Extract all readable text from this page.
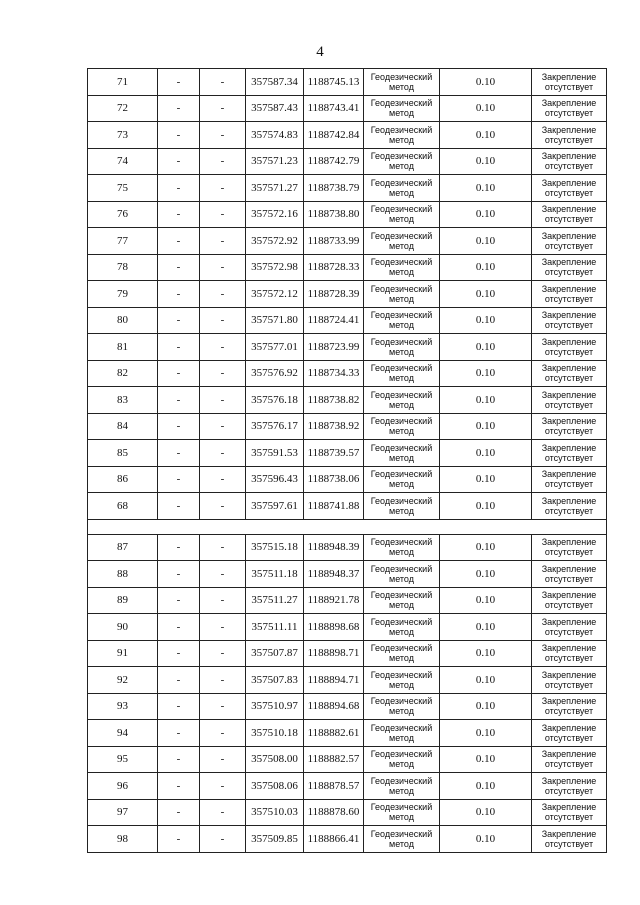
4
71	-	-	357587.34	1188745.13	Геодезический метод	0.10	Закрепление отсутствует
72	-	-	357587.43	1188743.41	Геодезический метод	0.10	Закрепление отсутствует
73	-	-	357574.83	1188742.84	Геодезический метод	0.10	Закрепление отсутствует
74	-	-	357571.23	1188742.79	Геодезический метод	0.10	Закрепление отсутствует
75	-	-	357571.27	1188738.79	Геодезический метод	0.10	Закрепление отсутствует
76	-	-	357572.16	1188738.80	Геодезический метод	0.10	Закрепление отсутствует
77	-	-	357572.92	1188733.99	Геодезический метод	0.10	Закрепление отсутствует
78	-	-	357572.98	1188728.33	Геодезический метод	0.10	Закрепление отсутствует
79	-	-	357572.12	1188728.39	Геодезический метод	0.10	Закрепление отсутствует
80	-	-	357571.80	1188724.41	Геодезический метод	0.10	Закрепление отсутствует
81	-	-	357577.01	1188723.99	Геодезический метод	0.10	Закрепление отсутствует
82	-	-	357576.92	1188734.33	Геодезический метод	0.10	Закрепление отсутствует
83	-	-	357576.18	1188738.82	Геодезический метод	0.10	Закрепление отсутствует
84	-	-	357576.17	1188738.92	Геодезический метод	0.10	Закрепление отсутствует
85	-	-	357591.53	1188739.57	Геодезический метод	0.10	Закрепление отсутствует
86	-	-	357596.43	1188738.06	Геодезический метод	0.10	Закрепление отсутствует
68	-	-	357597.61	1188741.88	Геодезический метод	0.10	Закрепление отсутствует

87	-	-	357515.18	1188948.39	Геодезический метод	0.10	Закрепление отсутствует
88	-	-	357511.18	1188948.37	Геодезический метод	0.10	Закрепление отсутствует
89	-	-	357511.27	1188921.78	Геодезический метод	0.10	Закрепление отсутствует
90	-	-	357511.11	1188898.68	Геодезический метод	0.10	Закрепление отсутствует
91	-	-	357507.87	1188898.71	Геодезический метод	0.10	Закрепление отсутствует
92	-	-	357507.83	1188894.71	Геодезический метод	0.10	Закрепление отсутствует
93	-	-	357510.97	1188894.68	Геодезический метод	0.10	Закрепление отсутствует
94	-	-	357510.18	1188882.61	Геодезический метод	0.10	Закрепление отсутствует
95	-	-	357508.00	1188882.57	Геодезический метод	0.10	Закрепление отсутствует
96	-	-	357508.06	1188878.57	Геодезический метод	0.10	Закрепление отсутствует
97	-	-	357510.03	1188878.60	Геодезический метод	0.10	Закрепление отсутствует
98	-	-	357509.85	1188866.41	Геодезический метод	0.10	Закрепление отсутствует
